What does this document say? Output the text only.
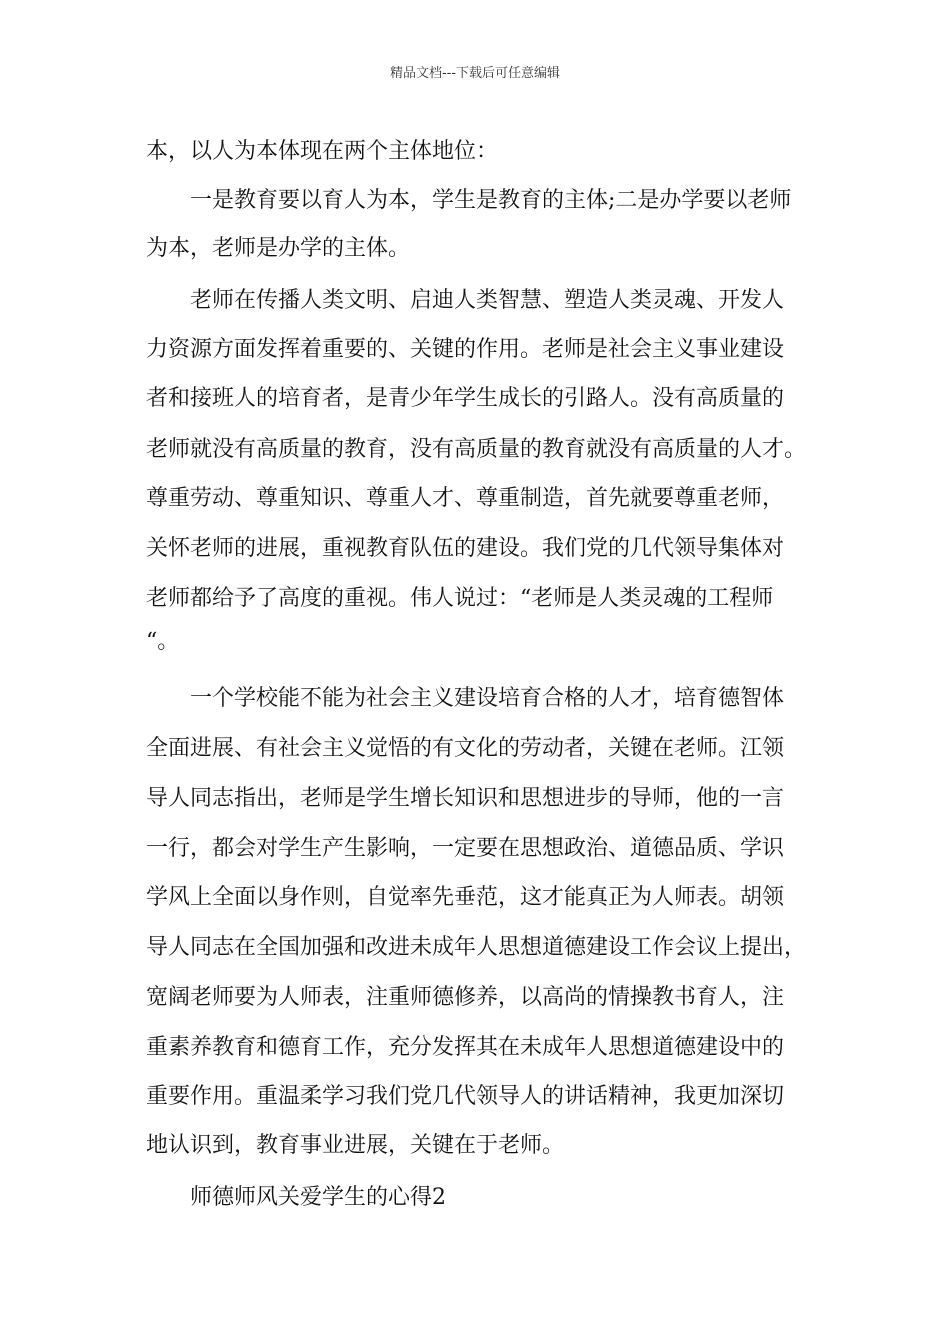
精品文档---下载后可任意编辑
本，以人为本体现在两个主体地位：
一是教育要以育人为本，学生是教育的主体;二是办学要以老师
为本，老师是办学的主体。
老师在传播人类文明、启迪人类智慧、塑造人类灵魂、开发人
力资源方面发挥着重要的、关键的作用。老师是社会主义事业建设
者和接班人的培育者，是青少年学生成长的引路人。没有高质量的
老师就没有高质量的教育，没有高质量的教育就没有高质量的人才。
尊重劳动、尊重知识、尊重人才、尊重制造，首先就要尊重老师，
关怀老师的进展，重视教育队伍的建设。我们党的几代领导集体对
老师都给予了高度的重视。伟人说过：“老师是人类灵魂的工程师
“。
一个学校能不能为社会主义建设培育合格的人才，培育德智体
全面进展、有社会主义觉悟的有文化的劳动者，关键在老师。江领
导人同志指出，老师是学生增长知识和思想进步的导师，他的一言
一行，都会对学生产生影响，一定要在思想政治、道德品质、学识
学风上全面以身作则，自觉率先垂范，这才能真正为人师表。胡领
导人同志在全国加强和改进未成年人思想道德建设工作会议上提出，
宽阔老师要为人师表，注重师德修养，以高尚的情操教书育人，注
重素养教育和德育工作，充分发挥其在未成年人思想道德建设中的
重要作用。重温柔学习我们党几代领导人的讲话精神，我更加深切
地认识到，教育事业进展，关键在于老师。
师德师风关爱学生的心得2
